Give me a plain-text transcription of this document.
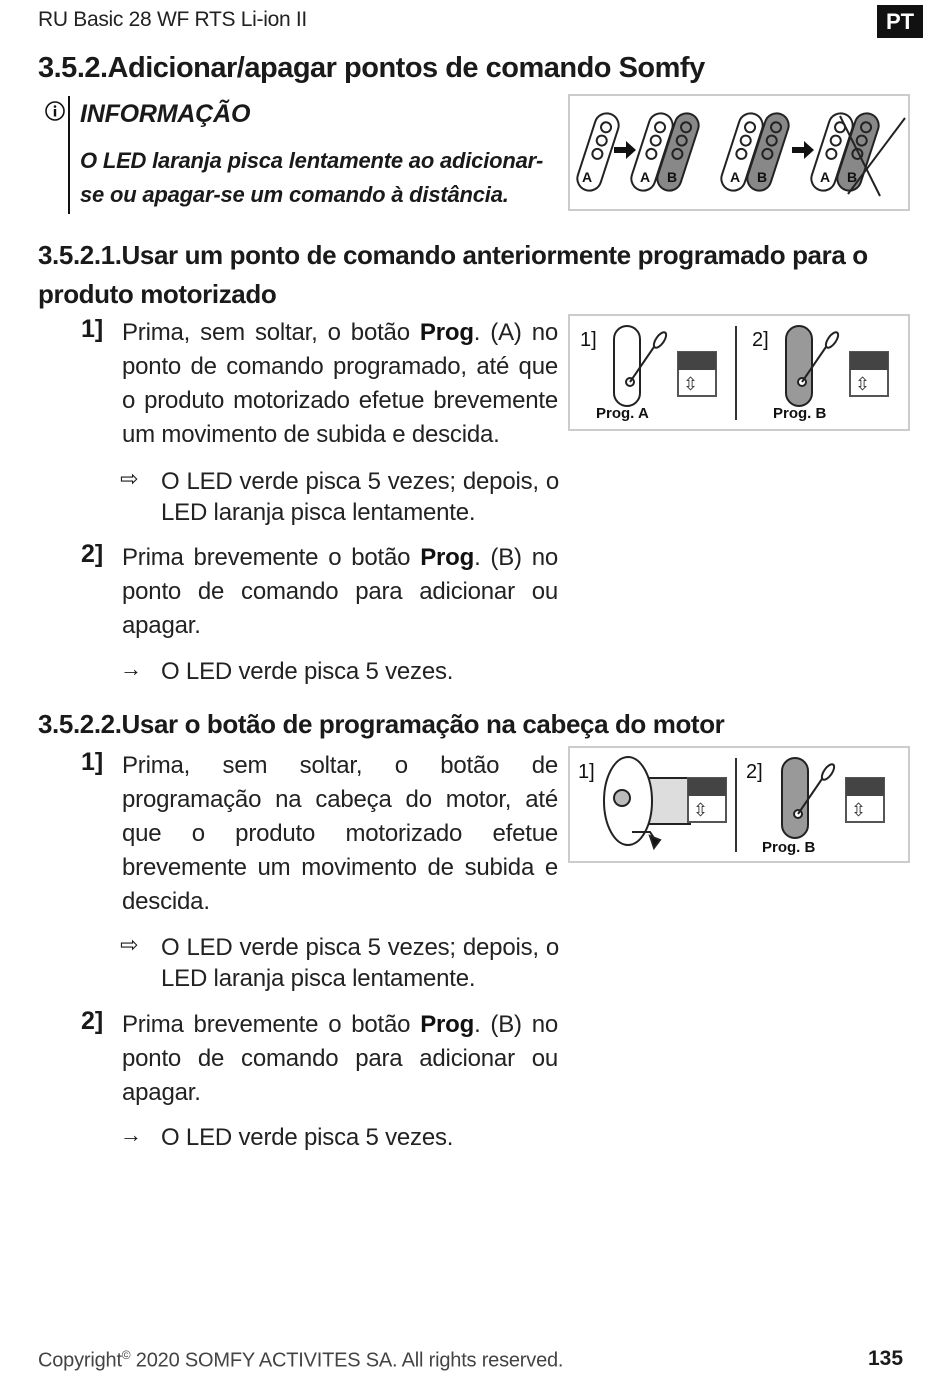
RU Basic 28 WF RTS Li-ion II	PT
3.5.2.Adicionar/apagar pontos de comando Somfy
INFORMAÇÃO
O LED laranja pisca lentamente ao adicionar-se ou apagar-se um comando à distância.
A	A B	A B	A B
3.5.2.1.Usar um ponto de comando anteriormente programado para o produto motorizado
1] Prima, sem soltar, o botão Prog. (A) no ponto de comando programado, até que o produto motorizado efetue brevemente um movimento de subida e descida.
⇨ O LED verde pisca 5 vezes; depois, o LED laranja pisca lentamente.
2] Prima brevemente o botão Prog. (B) no ponto de comando para adicionar ou apagar.
→ O LED verde pisca 5 vezes.
1]	2]
⇳	⇳
Prog. A	Prog. B
3.5.2.2.Usar o botão de programação na cabeça do motor
1] Prima, sem soltar, o botão de programação na cabeça do motor, até que o produto motorizado efetue brevemente um movimento de subida e descida.
⇨ O LED verde pisca 5 vezes; depois, o LED laranja pisca lentamente.
2] Prima brevemente o botão Prog. (B) no ponto de comando para adicionar ou apagar.
→ O LED verde pisca 5 vezes.
1]	2]
⇳	⇳
Prog. B
Copyright© 2020 SOMFY ACTIVITES SA. All rights reserved.	135
